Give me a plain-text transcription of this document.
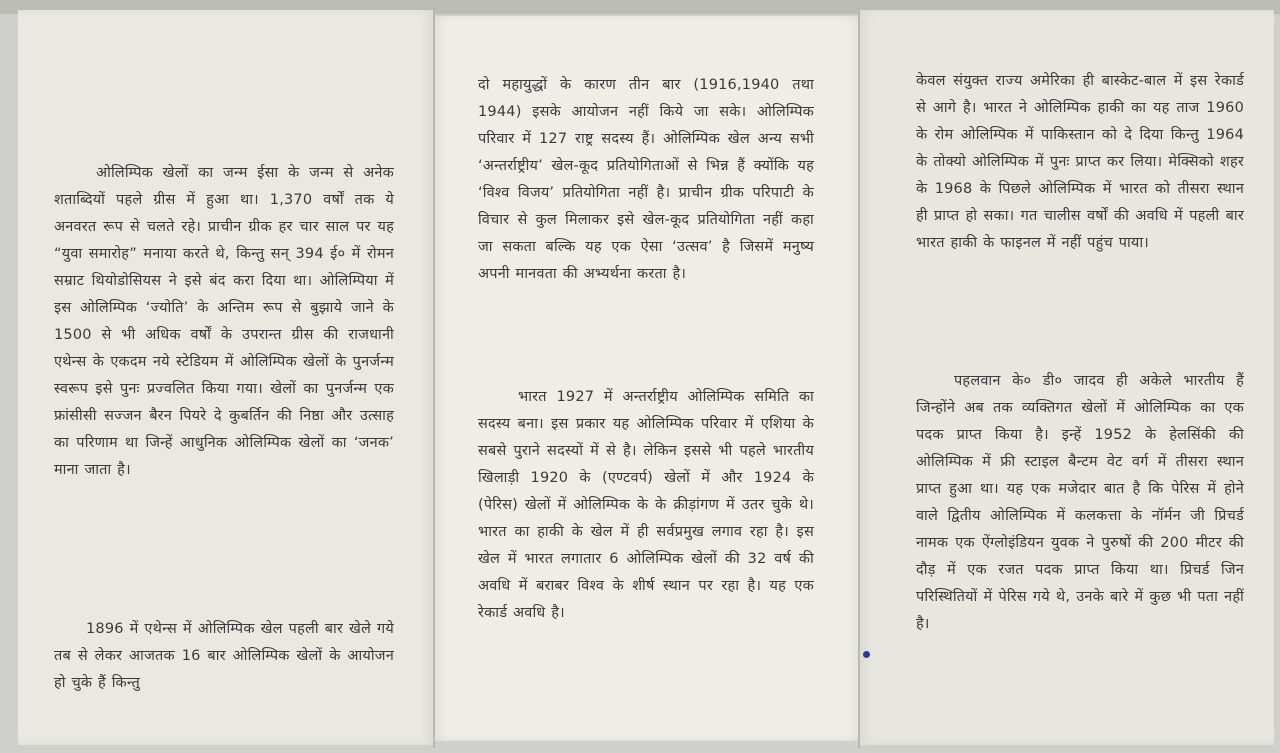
ओलिम्पिक खेलों का जन्म ईसा के जन्म से अनेक शताब्दियों पहले ग्रीस में हुआ था। 1,370 वर्षों तक ये अनवरत रूप से चलते रहे। प्राचीन ग्रीक हर चार साल पर यह “युवा समारोह” मनाया करते थे, किन्तु सन् 394 ई० में रोमन सम्राट थियोडोसियस ने इसे बंद करा दिया था। ओलिम्पिया में इस ओलिम्पिक ‘ज्योति’ के अन्तिम रूप से बुझाये जाने के 1500 से भी अधिक वर्षों के उपरान्त ग्रीस की राजधानी एथेन्स के एकदम नये स्टेडियम में ओलिम्पिक खेलों के पुनर्जन्म स्वरूप इसे पुनः प्रज्वलित किया गया। खेलों का पुनर्जन्म एक फ्रांसीसी सज्जन बैरन पियरे दे कुबर्तिन की निष्ठा और उत्साह का परिणाम था जिन्हें आधुनिक ओलिम्पिक खेलों का ‘जनक’ माना जाता है।

1896 में एथेन्स में ओलिम्पिक खेल पहली बार खेले गये तब से लेकर आजतक 16 बार ओलिम्पिक खेलों के आयोजन हो चुके हैं किन्तु

दो महायुद्धों के कारण तीन बार (1916,1940 तथा 1944) इसके आयोजन नहीं किये जा सके। ओलिम्पिक परिवार में 127 राष्ट्र सदस्य हैं। ओलिम्पिक खेल अन्य सभी ‘अन्तर्राष्ट्रीय’ खेल-कूद प्रतियोगिताओं से भिन्न हैं क्योंकि यह ‘विश्व विजय’ प्रतियोगिता नहीं है। प्राचीन ग्रीक परिपाटी के विचार से कुल मिलाकर इसे खेल-कूद प्रतियोगिता नहीं कहा जा सकता बल्कि यह एक ऐसा ‘उत्सव’ है जिसमें मनुष्य अपनी मानवता की अभ्यर्थना करता है।

भारत 1927 में अन्तर्राष्ट्रीय ओलिम्पिक समिति का सदस्य बना। इस प्रकार यह ओलिम्पिक परिवार में एशिया के सबसे पुराने सदस्यों में से है। लेकिन इससे भी पहले भारतीय खिलाड़ी 1920 के (एण्टवर्प) खेलों में और 1924 के (पेरिस) खेलों में ओलिम्पिक के के क्रीड़ांगण में उतर चुके थे। भारत का हाकी के खेल में ही सर्वप्रमुख लगाव रहा है। इस खेल में भारत लगातार 6 ओलिम्पिक खेलों की 32 वर्ष की अवधि में बराबर विश्व के शीर्ष स्थान पर रहा है। यह एक रेकार्ड अवधि है।

केवल संयुक्त राज्य अमेरिका ही बास्केट-बाल में इस रेकार्ड से आगे है। भारत ने ओलिम्पिक हाकी का यह ताज 1960 के रोम ओलिम्पिक में पाकिस्तान को दे दिया किन्तु 1964 के तोक्यो ओलिम्पिक में पुनः प्राप्त कर लिया। मेक्सिको शहर के 1968 के पिछले ओलिम्पिक में भारत को तीसरा स्थान ही प्राप्त हो सका। गत चालीस वर्षों की अवधि में पहली बार भारत हाकी के फाइनल में नहीं पहुंच पाया।

पहलवान के० डी० जादव ही अकेले भारतीय हैं जिन्होंने अब तक व्यक्तिगत खेलों में ओलिम्पिक का एक पदक प्राप्त किया है। इन्हें 1952 के हेलसिंकी की ओलिम्पिक में फ्री स्टाइल बैन्टम वेट वर्ग में तीसरा स्थान प्राप्त हुआ था। यह एक मजेदार बात है कि पेरिस में होने वाले द्वितीय ओलिम्पिक में कलकत्ता के नॉर्मन जी प्रिचर्ड नामक एक ऐंग्लोइंडियन युवक ने पुरुषों की 200 मीटर की दौड़ में एक रजत पदक प्राप्त किया था। प्रिचर्ड जिन परिस्थितियों में पेरिस गये थे, उनके बारे में कुछ भी पता नहीं है।
